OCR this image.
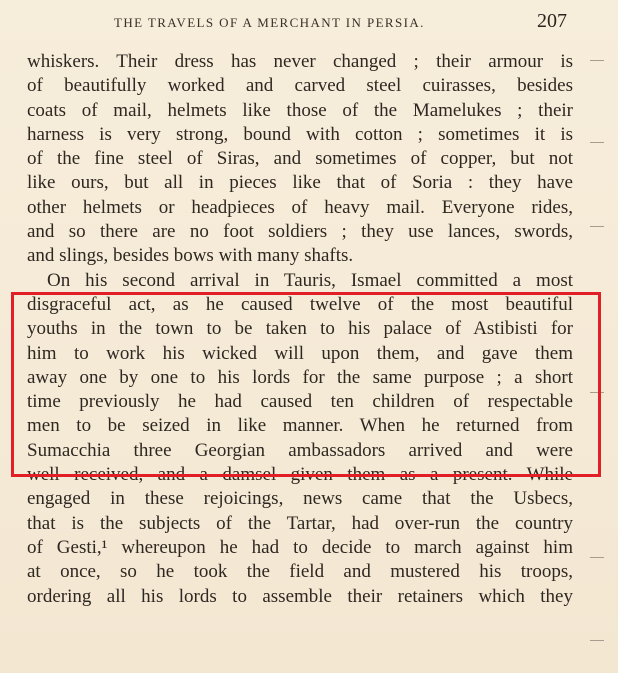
THE TRAVELS OF A MERCHANT IN PERSIA.	207
whiskers. Their dress has never changed ; their armour is
of beautifully worked and carved steel cuirasses, besides
coats of mail, helmets like those of the Mamelukes ; their
harness is very strong, bound with cotton ; sometimes it is
of the fine steel of Siras, and sometimes of copper, but not
like ours, but all in pieces like that of Soria : they have
other helmets or headpieces of heavy mail. Everyone rides,
and so there are no foot soldiers ; they use lances, swords,
and slings, besides bows with many shafts.
On his second arrival in Tauris, Ismael committed a most
disgraceful act, as he caused twelve of the most beautiful
youths in the town to be taken to his palace of Astibisti for
him to work his wicked will upon them, and gave them
away one by one to his lords for the same purpose ; a short
time previously he had caused ten children of respectable
men to be seized in like manner. When he returned from
Sumacchia three Georgian ambassadors arrived and were
well received, and a damsel given them as a present. While
engaged in these rejoicings, news came that the Usbecs,
that is the subjects of the Tartar, had over-run the country
of Gesti,¹ whereupon he had to decide to march against him
at once, so he took the field and mustered his troops,
ordering all his lords to assemble their retainers which they
